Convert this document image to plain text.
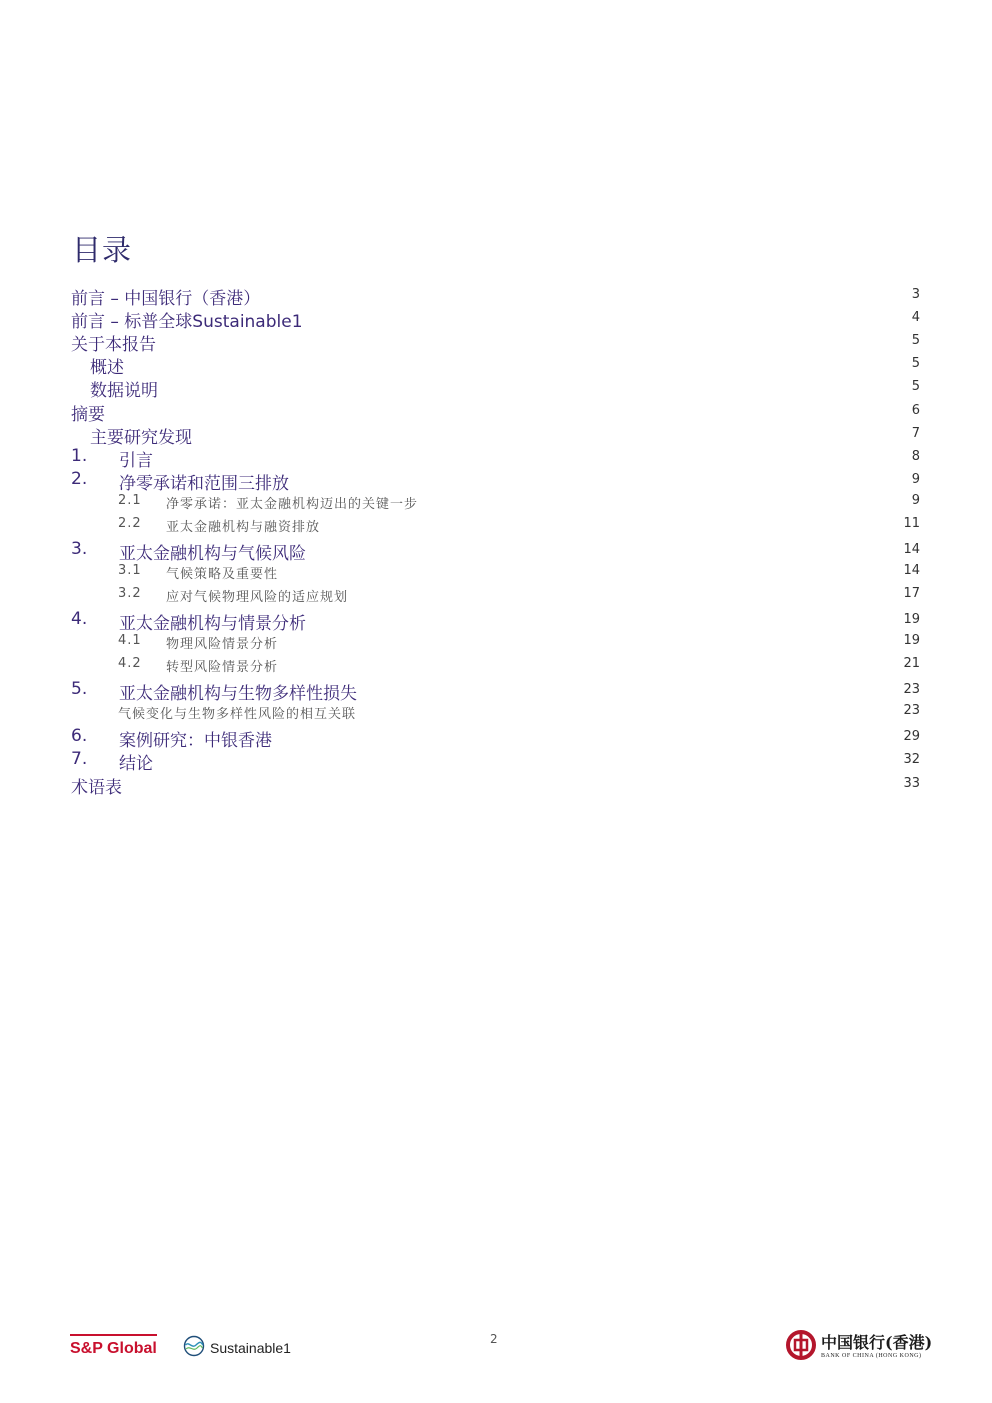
目录
前言 – 中国银行（香港）	3
前言 – 标普全球Sustainable1	4
关于本报告	5
概述	5
数据说明	5
摘要	6
主要研究发现	7
1. 引言	8
2. 净零承诺和范围三排放	9
2.1 净零承诺：亚太金融机构迈出的关键一步	9
2.2 亚太金融机构与融资排放	11
3. 亚太金融机构与气候风险	14
3.1 气候策略及重要性	14
3.2 应对气候物理风险的适应规划	17
4. 亚太金融机构与情景分析	19
4.1 物理风险情景分析	19
4.2 转型风险情景分析	21
5. 亚太金融机构与生物多样性损失	23
气候变化与生物多样性风险的相互关联	23
6. 案例研究：中银香港	29
7. 结论	32
术语表	33
S&P Global	Sustainable1
2	中国银行(香港)
BANK OF CHINA (HONG KONG)
